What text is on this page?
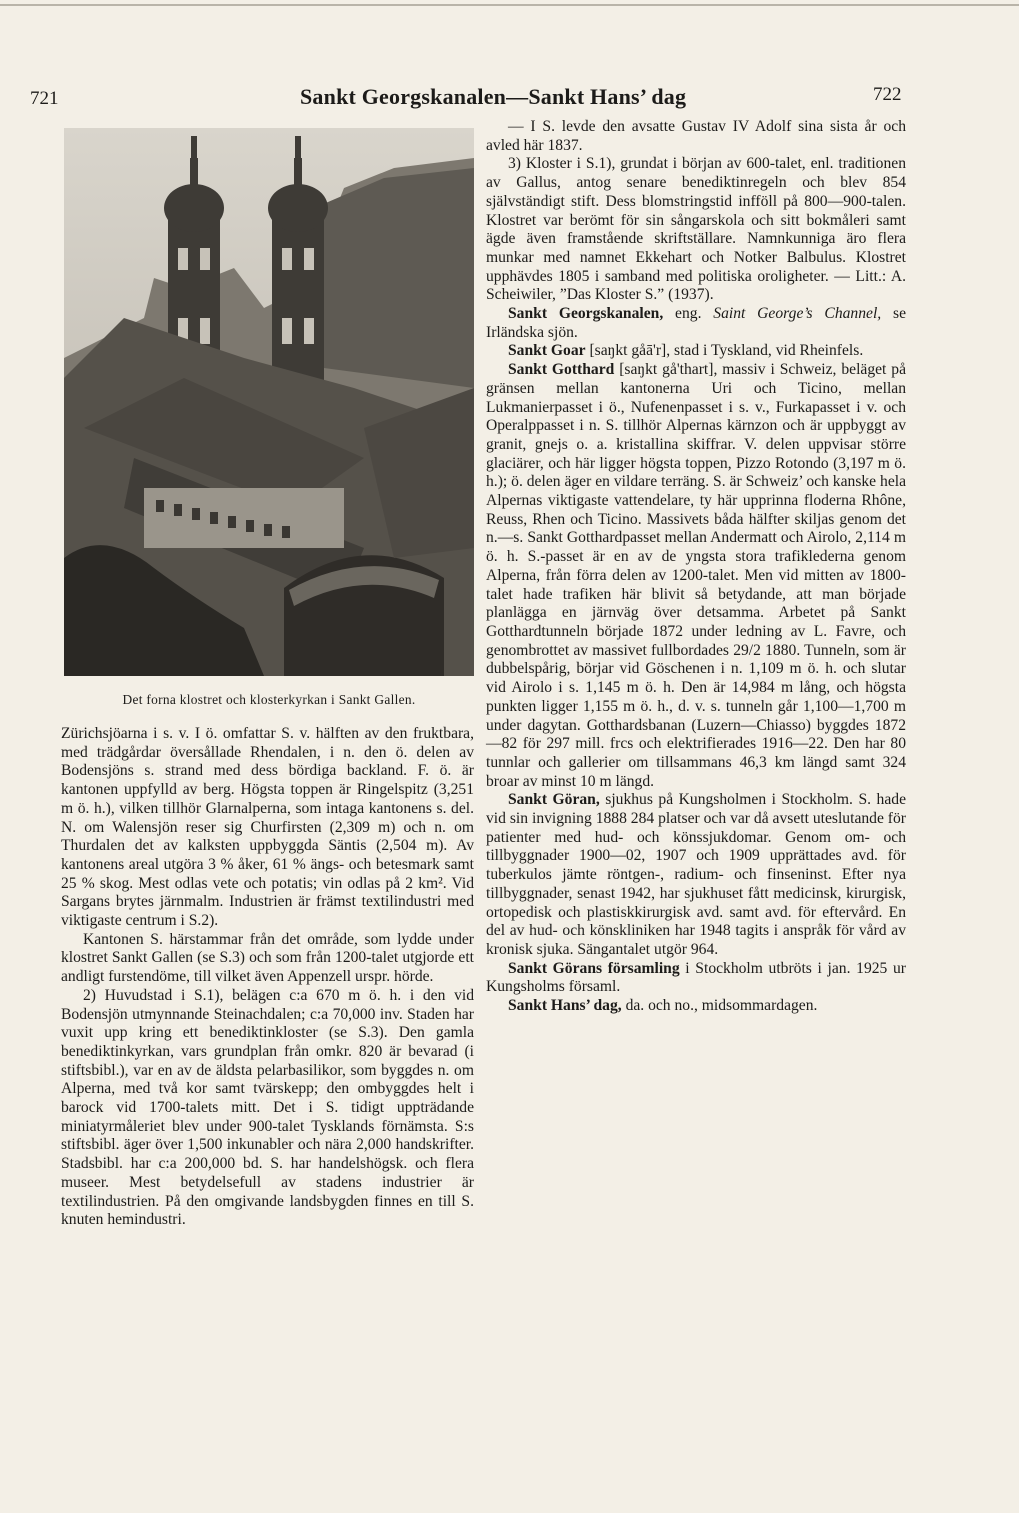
721	Sankt Georgskanalen—Sankt Hans’ dag	722
Det forna klostret och klosterkyrkan i Sankt Gallen.

Zürichsjöarna i s. v. I ö. omfattar S. v. hälften av den fruktbara, med trädgårdar översållade Rhendalen, i n. den ö. delen av Bodensjöns s. strand med dess bördiga backland. F. ö. är kantonen uppfylld av berg. Högsta toppen är Ringelspitz (3,251 m ö. h.), vilken tillhör Glarnalperna, som intaga kantonens s. del. N. om Walensjön reser sig Churfirsten (2,309 m) och n. om Thurdalen det av kalksten uppbyggda Säntis (2,504 m). Av kantonens areal utgöra 3 % åker, 61 % ängs- och betesmark samt 25 % skog. Mest odlas vete och potatis; vin odlas på 2 km². Vid Sargans brytes järnmalm. Industrien är främst textilindustri med viktigaste centrum i S.2).

Kantonen S. härstammar från det område, som lydde under klostret Sankt Gallen (se S.3) och som från 1200-talet utgjorde ett andligt furstendöme, till vilket även Appenzell urspr. hörde.

2) Huvudstad i S.1), belägen c:a 670 m ö. h. i den vid Bodensjön utmynnande Steinachdalen; c:a 70,000 inv. Staden har vuxit upp kring ett benediktinkloster (se S.3). Den gamla benediktinkyrkan, vars grundplan från omkr. 820 är bevarad (i stiftsbibl.), var en av de äldsta pelarbasilikor, som byggdes n. om Alperna, med två kor samt tvärskepp; den ombyggdes helt i barock vid 1700-talets mitt. Det i S. tidigt uppträdande miniatyrmåleriet blev under 900-talet Tysklands förnämsta. S:s stiftsbibl. äger över 1,500 inkunabler och nära 2,000 handskrifter. Stadsbibl. har c:a 200,000 bd. S. har handelshögsk. och flera museer. Mest betydelsefull av stadens industrier är textilindustrien. På den omgivande landsbygden finnes en till S. knuten hemindustri.

— I S. levde den avsatte Gustav IV Adolf sina sista år och avled här 1837.

3) Kloster i S.1), grundat i början av 600-talet, enl. traditionen av Gallus, antog senare benediktinregeln och blev 854 självständigt stift. Dess blomstringstid infföll på 800—900-talen. Klostret var berömt för sin sångarskola och sitt bokmåleri samt ägde även framstående skriftställare. Namnkunniga äro flera munkar med namnet Ekkehart och Notker Balbulus. Klostret upphävdes 1805 i samband med politiska oroligheter. — Litt.: A. Scheiwiler, ”Das Kloster S.” (1937).

Sankt Georgskanalen, eng. Saint George’s Channel, se Irländska sjön.

Sankt Goar [saŋkt gåā'r], stad i Tyskland, vid Rheinfels.

Sankt Gotthard [saŋkt gå'thart], massiv i Schweiz, beläget på gränsen mellan kantonerna Uri och Ticino, mellan Lukmanierpasset i ö., Nufenenpasset i s. v., Furkapasset i v. och Operalppasset i n. S. tillhör Alpernas kärnzon och är uppbyggt av granit, gnejs o. a. kristallina skiffrar. V. delen uppvisar större glaciärer, och här ligger högsta toppen, Pizzo Rotondo (3,197 m ö. h.); ö. delen äger en vildare terräng. S. är Schweiz’ och kanske hela Alpernas viktigaste vattendelare, ty här upprinna floderna Rhône, Reuss, Rhen och Ticino. Massivets båda hälfter skiljas genom det n.—s. Sankt Gotthardpasset mellan Andermatt och Airolo, 2,114 m ö. h. S.-passet är en av de yngsta stora trafiklederna genom Alperna, från förra delen av 1200-talet. Men vid mitten av 1800-talet hade trafiken här blivit så betydande, att man började planlägga en järnväg över detsamma. Arbetet på Sankt Gotthardtunneln började 1872 under ledning av L. Favre, och genombrottet av massivet fullbordades 29/2 1880. Tunneln, som är dubbelspårig, börjar vid Göschenen i n. 1,109 m ö. h. och slutar vid Airolo i s. 1,145 m ö. h. Den är 14,984 m lång, och högsta punkten ligger 1,155 m ö. h., d. v. s. tunneln går 1,100—1,700 m under dagytan. Gotthardsbanan (Luzern—Chiasso) byggdes 1872—82 för 297 mill. frcs och elektrifierades 1916—22. Den har 80 tunnlar och gallerier om tillsammans 46,3 km längd samt 324 broar av minst 10 m längd.

Sankt Göran, sjukhus på Kungsholmen i Stockholm. S. hade vid sin invigning 1888 284 platser och var då avsett uteslutande för patienter med hud- och könssjukdomar. Genom om- och tillbyggnader 1900—02, 1907 och 1909 upprättades avd. för tuberkulos jämte röntgen-, radium- och finseninst. Efter nya tillbyggnader, senast 1942, har sjukhuset fått medicinsk, kirurgisk, ortopedisk och plastiskkirurgisk avd. samt avd. för eftervård. En del av hud- och könskliniken har 1948 tagits i anspråk för vård av kronisk sjuka. Sängantalet utgör 964.

Sankt Görans församling i Stockholm utbröts i jan. 1925 ur Kungsholms församl.

Sankt Hans’ dag, da. och no., midsommardagen.
